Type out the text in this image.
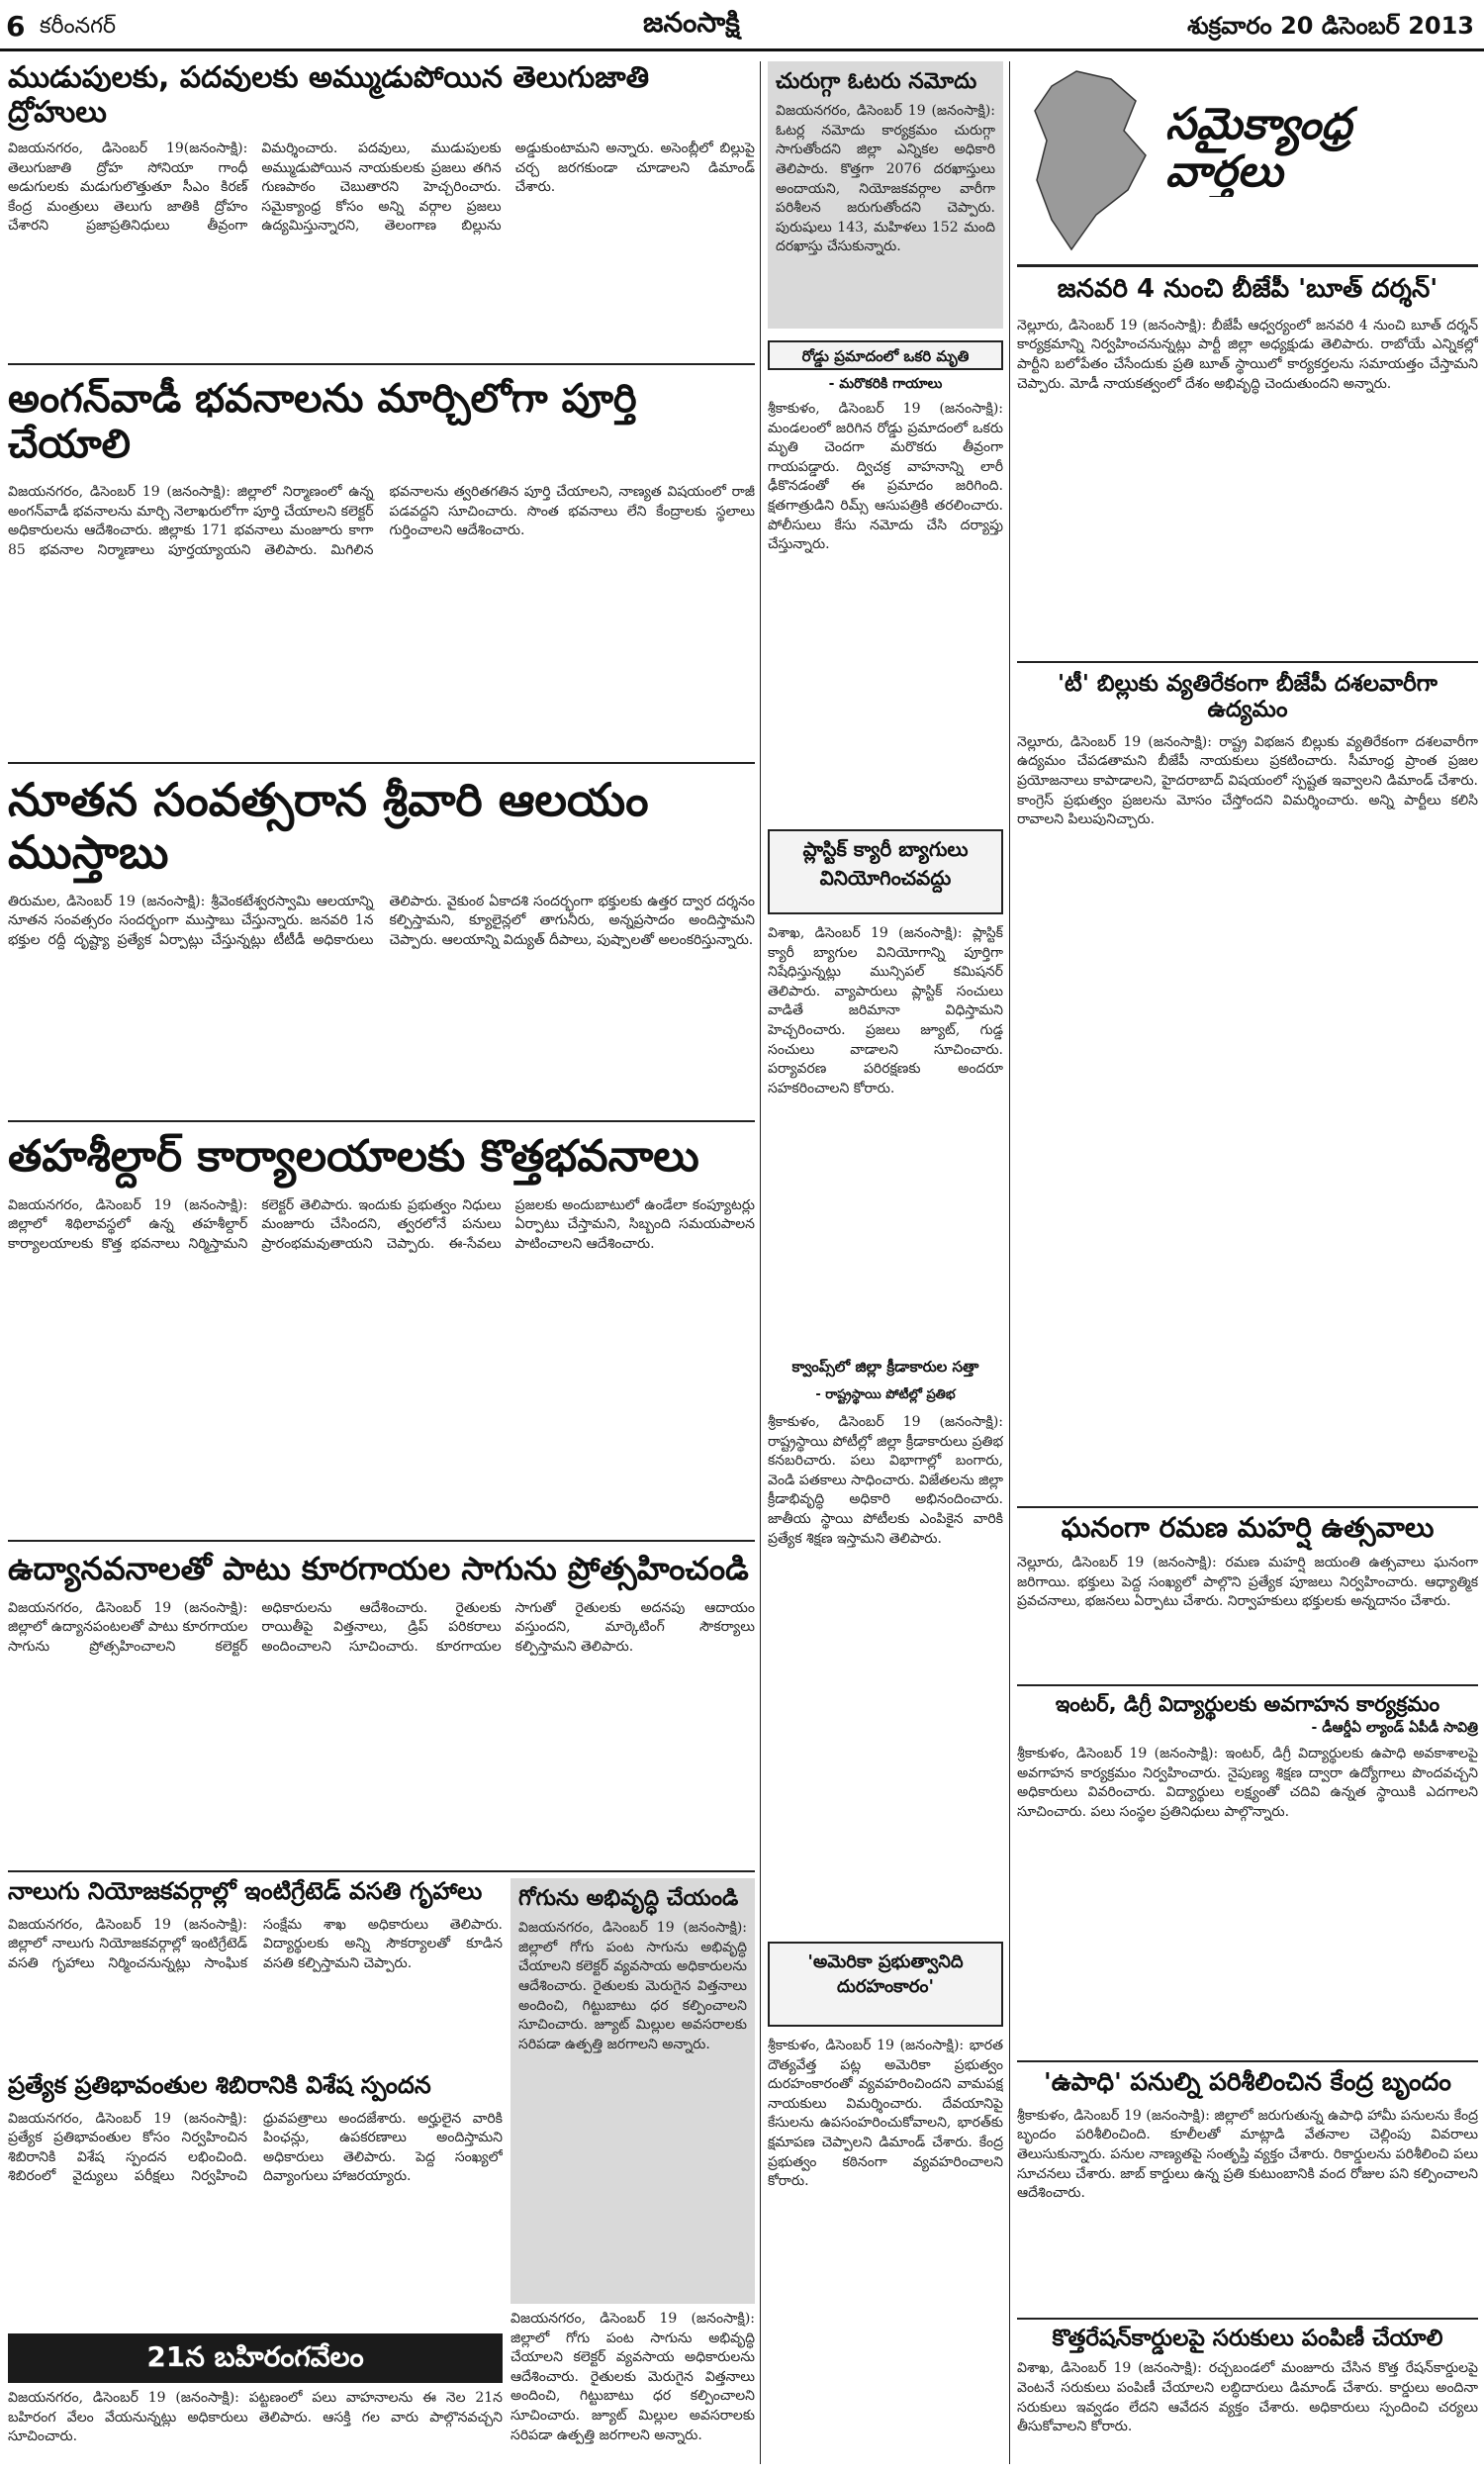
6 కరీంనగర్	జనంసాక్షి	శుక్రవారం 20 డిసెంబర్ 2013
ముడుపులకు, పదవులకు అమ్ముడుపోయిన తెలుగుజాతి ద్రోహులు
విజయనగరం, డిసెంబర్ 19(జనంసాక్షి): తెలుగుజాతి ద్రోహ సోనియా గాంధీ అడుగులకు మడుగులొత్తుతూ సీఎం కిరణ్ కేంద్ర మంత్రులు తెలుగు జాతికి ద్రోహం చేశారని ప్రజాప్రతినిధులు తీవ్రంగా విమర్శించారు. పదవులు, ముడుపులకు అమ్ముడుపోయిన నాయకులకు ప్రజలు తగిన గుణపాఠం చెబుతారని హెచ్చరించారు. సమైక్యాంధ్ర కోసం అన్ని వర్గాల ప్రజలు ఉద్యమిస్తున్నారని, తెలంగాణ బిల్లును అడ్డుకుంటామని అన్నారు. అసెంబ్లీలో బిల్లుపై చర్చ జరగకుండా చూడాలని డిమాండ్ చేశారు.
అంగన్‌వాడీ భవనాలను మార్చిలోగా పూర్తి చేయాలి
విజయనగరం, డిసెంబర్ 19 (జనంసాక్షి): జిల్లాలో నిర్మాణంలో ఉన్న అంగన్‌వాడీ భవనాలను మార్చి నెలాఖరులోగా పూర్తి చేయాలని కలెక్టర్ అధికారులను ఆదేశించారు. జిల్లాకు 171 భవనాలు మంజూరు కాగా 85 భవనాల నిర్మాణాలు పూర్తయ్యాయని తెలిపారు. మిగిలిన భవనాలను త్వరితగతిన పూర్తి చేయాలని, నాణ్యత విషయంలో రాజీ పడవద్దని సూచించారు. సొంత భవనాలు లేని కేంద్రాలకు స్థలాలు గుర్తించాలని ఆదేశించారు.
నూతన సంవత్సరాన శ్రీవారి ఆలయం ముస్తాబు
తిరుమల, డిసెంబర్ 19 (జనంసాక్షి): శ్రీవెంకటేశ్వరస్వామి ఆలయాన్ని నూతన సంవత్సరం సందర్భంగా ముస్తాబు చేస్తున్నారు. జనవరి 1న భక్తుల రద్దీ దృష్ట్యా ప్రత్యేక ఏర్పాట్లు చేస్తున్నట్లు టీటీడీ అధికారులు తెలిపారు. వైకుంఠ ఏకాదశి సందర్భంగా భక్తులకు ఉత్తర ద్వార దర్శనం కల్పిస్తామని, క్యూలైన్లలో తాగునీరు, అన్నప్రసాదం అందిస్తామని చెప్పారు. ఆలయాన్ని విద్యుత్ దీపాలు, పుష్పాలతో అలంకరిస్తున్నారు.
తహశీల్దార్ కార్యాలయాలకు కొత్తభవనాలు
విజయనగరం, డిసెంబర్ 19 (జనంసాక్షి): జిల్లాలో శిథిలావస్థలో ఉన్న తహశీల్దార్ కార్యాలయాలకు కొత్త భవనాలు నిర్మిస్తామని కలెక్టర్ తెలిపారు. ఇందుకు ప్రభుత్వం నిధులు మంజూరు చేసిందని, త్వరలోనే పనులు ప్రారంభమవుతాయని చెప్పారు. ఈ-సేవలు ప్రజలకు అందుబాటులో ఉండేలా కంప్యూటర్లు ఏర్పాటు చేస్తామని, సిబ్బంది సమయపాలన పాటించాలని ఆదేశించారు.
ఉద్యానవనాలతో పాటు కూరగాయల సాగును ప్రోత్సహించండి
విజయనగరం, డిసెంబర్ 19 (జనంసాక్షి): జిల్లాలో ఉద్యానపంటలతో పాటు కూరగాయల సాగును ప్రోత్సహించాలని కలెక్టర్ అధికారులను ఆదేశించారు. రైతులకు రాయితీపై విత్తనాలు, డ్రిప్ పరికరాలు అందించాలని సూచించారు. కూరగాయల సాగుతో రైతులకు అదనపు ఆదాయం వస్తుందని, మార్కెటింగ్ సౌకర్యాలు కల్పిస్తామని తెలిపారు.
నాలుగు నియోజకవర్గాల్లో ఇంటిగ్రేటెడ్ వసతి గృహాలు
విజయనగరం, డిసెంబర్ 19 (జనంసాక్షి): జిల్లాలో నాలుగు నియోజకవర్గాల్లో ఇంటిగ్రేటెడ్ వసతి గృహాలు నిర్మించనున్నట్లు సాంఘిక సంక్షేమ శాఖ అధికారులు తెలిపారు. విద్యార్థులకు అన్ని సౌకర్యాలతో కూడిన వసతి కల్పిస్తామని చెప్పారు.
ప్రత్యేక ప్రతిభావంతుల శిబిరానికి విశేష స్పందన
విజయనగరం, డిసెంబర్ 19 (జనంసాక్షి): ప్రత్యేక ప్రతిభావంతుల కోసం నిర్వహించిన శిబిరానికి విశేష స్పందన లభించింది. శిబిరంలో వైద్యులు పరీక్షలు నిర్వహించి ధ్రువపత్రాలు అందజేశారు. అర్హులైన వారికి పింఛన్లు, ఉపకరణాలు అందిస్తామని అధికారులు తెలిపారు. పెద్ద సంఖ్యలో దివ్యాంగులు హాజరయ్యారు.
గోగును అభివృద్ధి చేయండి
విజయనగరం, డిసెంబర్ 19 (జనంసాక్షి): జిల్లాలో గోగు పంట సాగును అభివృద్ధి చేయాలని కలెక్టర్ వ్యవసాయ అధికారులను ఆదేశించారు. రైతులకు మెరుగైన విత్తనాలు అందించి, గిట్టుబాటు ధర కల్పించాలని సూచించారు. జ్యూట్ మిల్లుల అవసరాలకు సరిపడా ఉత్పత్తి జరగాలని అన్నారు.
21న బహిరంగవేలం
విజయనగరం, డిసెంబర్ 19 (జనంసాక్షి): పట్టణంలో పలు వాహనాలను ఈ నెల 21న బహిరంగ వేలం వేయనున్నట్లు అధికారులు తెలిపారు. ఆసక్తి గల వారు పాల్గొనవచ్చని సూచించారు.
విజయనగరం, డిసెంబర్ 19 (జనంసాక్షి): జిల్లాలో గోగు పంట సాగును అభివృద్ధి చేయాలని కలెక్టర్ వ్యవసాయ అధికారులను ఆదేశించారు. రైతులకు మెరుగైన విత్తనాలు అందించి, గిట్టుబాటు ధర కల్పించాలని సూచించారు. జ్యూట్ మిల్లుల అవసరాలకు సరిపడా ఉత్పత్తి జరగాలని అన్నారు.
చురుగ్గా ఓటరు నమోదు
విజయనగరం, డిసెంబర్ 19 (జనంసాక్షి): ఓటర్ల నమోదు కార్యక్రమం చురుగ్గా సాగుతోందని జిల్లా ఎన్నికల అధికారి తెలిపారు. కొత్తగా 2076 దరఖాస్తులు అందాయని, నియోజకవర్గాల వారీగా పరిశీలన జరుగుతోందని చెప్పారు. పురుషులు 143, మహిళలు 152 మంది దరఖాస్తు చేసుకున్నారు.
రోడ్డు ప్రమాదంలో ఒకరి మృతి
- మరొకరికి గాయాలు
శ్రీకాకుళం, డిసెంబర్ 19 (జనంసాక్షి): మండలంలో జరిగిన రోడ్డు ప్రమాదంలో ఒకరు మృతి చెందగా మరొకరు తీవ్రంగా గాయపడ్డారు. ద్విచక్ర వాహనాన్ని లారీ ఢీకొనడంతో ఈ ప్రమాదం జరిగింది. క్షతగాత్రుడిని రిమ్స్ ఆసుపత్రికి తరలించారు. పోలీసులు కేసు నమోదు చేసి దర్యాప్తు చేస్తున్నారు.
ప్లాస్టిక్ క్యారీ బ్యాగులు వినియోగించవద్దు
విశాఖ, డిసెంబర్ 19 (జనంసాక్షి): ప్లాస్టిక్ క్యారీ బ్యాగుల వినియోగాన్ని పూర్తిగా నిషేధిస్తున్నట్లు మున్సిపల్ కమిషనర్ తెలిపారు. వ్యాపారులు ప్లాస్టిక్ సంచులు వాడితే జరిమానా విధిస్తామని హెచ్చరించారు. ప్రజలు జ్యూట్, గుడ్డ సంచులు వాడాలని సూచించారు. పర్యావరణ పరిరక్షణకు అందరూ సహకరించాలని కోరారు.
క్వాంప్స్‌లో జిల్లా క్రీడాకారుల సత్తా
- రాష్ట్రస్థాయి పోటీల్లో ప్రతిభ
శ్రీకాకుళం, డిసెంబర్ 19 (జనంసాక్షి): రాష్ట్రస్థాయి పోటీల్లో జిల్లా క్రీడాకారులు ప్రతిభ కనబరిచారు. పలు విభాగాల్లో బంగారు, వెండి పతకాలు సాధించారు. విజేతలను జిల్లా క్రీడాభివృద్ధి అధికారి అభినందించారు. జాతీయ స్థాయి పోటీలకు ఎంపికైన వారికి ప్రత్యేక శిక్షణ ఇస్తామని తెలిపారు.
'అమెరికా ప్రభుత్వానిది దురహంకారం'
శ్రీకాకుళం, డిసెంబర్ 19 (జనంసాక్షి): భారత దౌత్యవేత్త పట్ల అమెరికా ప్రభుత్వం దురహంకారంతో వ్యవహరించిందని వామపక్ష నాయకులు విమర్శించారు. దేవయానిపై కేసులను ఉపసంహరించుకోవాలని, భారత్‌కు క్షమాపణ చెప్పాలని డిమాండ్ చేశారు. కేంద్ర ప్రభుత్వం కఠినంగా వ్యవహరించాలని కోరారు.
సమైక్యాంధ్ర వార్తలు
జనవరి 4 నుంచి బీజేపీ 'బూత్ దర్శన్'
నెల్లూరు, డిసెంబర్ 19 (జనంసాక్షి): బీజేపీ ఆధ్వర్యంలో జనవరి 4 నుంచి బూత్ దర్శన్ కార్యక్రమాన్ని నిర్వహించనున్నట్లు పార్టీ జిల్లా అధ్యక్షుడు తెలిపారు. రాబోయే ఎన్నికల్లో పార్టీని బలోపేతం చేసేందుకు ప్రతి బూత్ స్థాయిలో కార్యకర్తలను సమాయత్తం చేస్తామని చెప్పారు. మోడీ నాయకత్వంలో దేశం అభివృద్ధి చెందుతుందని అన్నారు.
'టీ' బిల్లుకు వ్యతిరేకంగా బీజేపీ దశలవారీగా ఉద్యమం
నెల్లూరు, డిసెంబర్ 19 (జనంసాక్షి): రాష్ట్ర విభజన బిల్లుకు వ్యతిరేకంగా దశలవారీగా ఉద్యమం చేపడతామని బీజేపీ నాయకులు ప్రకటించారు. సీమాంధ్ర ప్రాంత ప్రజల ప్రయోజనాలు కాపాడాలని, హైదరాబాద్ విషయంలో స్పష్టత ఇవ్వాలని డిమాండ్ చేశారు. కాంగ్రెస్ ప్రభుత్వం ప్రజలను మోసం చేస్తోందని విమర్శించారు. అన్ని పార్టీలు కలిసి రావాలని పిలుపునిచ్చారు.
ఘనంగా రమణ మహర్షి ఉత్సవాలు
నెల్లూరు, డిసెంబర్ 19 (జనంసాక్షి): రమణ మహర్షి జయంతి ఉత్సవాలు ఘనంగా జరిగాయి. భక్తులు పెద్ద సంఖ్యలో పాల్గొని ప్రత్యేక పూజలు నిర్వహించారు. ఆధ్యాత్మిక ప్రవచనాలు, భజనలు ఏర్పాటు చేశారు. నిర్వాహకులు భక్తులకు అన్నదానం చేశారు.
ఇంటర్, డిగ్రీ విద్యార్థులకు అవగాహన కార్యక్రమం
- డీఆర్డీఏ ల్యాండ్ ఏపీడీ సావిత్రి
శ్రీకాకుళం, డిసెంబర్ 19 (జనంసాక్షి): ఇంటర్, డిగ్రీ విద్యార్థులకు ఉపాధి అవకాశాలపై అవగాహన కార్యక్రమం నిర్వహించారు. నైపుణ్య శిక్షణ ద్వారా ఉద్యోగాలు పొందవచ్చని అధికారులు వివరించారు. విద్యార్థులు లక్ష్యంతో చదివి ఉన్నత స్థాయికి ఎదగాలని సూచించారు. పలు సంస్థల ప్రతినిధులు పాల్గొన్నారు.
'ఉపాధి' పనుల్ని పరిశీలించిన కేంద్ర బృందం
శ్రీకాకుళం, డిసెంబర్ 19 (జనంసాక్షి): జిల్లాలో జరుగుతున్న ఉపాధి హామీ పనులను కేంద్ర బృందం పరిశీలించింది. కూలీలతో మాట్లాడి వేతనాల చెల్లింపు వివరాలు తెలుసుకున్నారు. పనుల నాణ్యతపై సంతృప్తి వ్యక్తం చేశారు. రికార్డులను పరిశీలించి పలు సూచనలు చేశారు. జాబ్ కార్డులు ఉన్న ప్రతి కుటుంబానికి వంద రోజుల పని కల్పించాలని ఆదేశించారు.
కొత్తరేషన్‌కార్డులపై సరుకులు పంపిణీ చేయాలి
విశాఖ, డిసెంబర్ 19 (జనంసాక్షి): రచ్చబండలో మంజూరు చేసిన కొత్త రేషన్‌కార్డులపై వెంటనే సరుకులు పంపిణీ చేయాలని లబ్ధిదారులు డిమాండ్ చేశారు. కార్డులు అందినా సరుకులు ఇవ్వడం లేదని ఆవేదన వ్యక్తం చేశారు. అధికారులు స్పందించి చర్యలు తీసుకోవాలని కోరారు.
